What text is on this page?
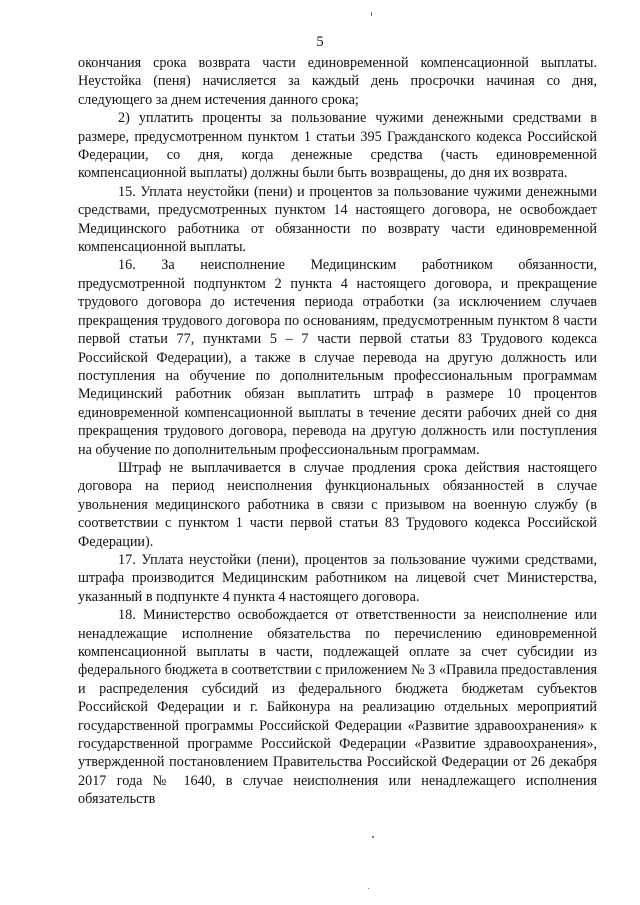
5

окончания срока возврата части единовременной компенсационной выплаты. Неустойка (пеня) начисляется за каждый день просрочки начиная со дня, следующего за днем истечения данного срока;

2) уплатить проценты за пользование чужими денежными средствами в размере, предусмотренном пунктом 1 статьи 395 Гражданского кодекса Российской Федерации, со дня, когда денежные средства (часть единовременной компенсационной выплаты) должны были быть возвращены, до дня их возврата.

15. Уплата неустойки (пени) и процентов за пользование чужими денежными средствами, предусмотренных пунктом 14 настоящего договора, не освобождает Медицинского работника от обязанности по возврату части единовременной компенсационной выплаты.

16. За неисполнение Медицинским работником обязанности, предусмотренной подпунктом 2 пункта 4 настоящего договора, и прекращение трудового договора до истечения периода отработки (за исключением случаев прекращения трудового договора по основаниям, предусмотренным пунктом 8 части первой статьи 77, пунктами 5 – 7 части первой статьи 83 Трудового кодекса Российской Федерации), а также в случае перевода на другую должность или поступления на обучение по дополнительным профессиональным программам Медицинский работник обязан выплатить штраф в размере 10 процентов единовременной компенсационной выплаты в течение десяти рабочих дней со дня прекращения трудового договора, перевода на другую должность или поступления на обучение по дополнительным профессиональным программам.

Штраф не выплачивается в случае продления срока действия настоящего договора на период неисполнения функциональных обязанностей в случае увольнения медицинского работника в связи с призывом на военную службу (в соответствии с пунктом 1 части первой статьи 83 Трудового кодекса Российской Федерации).

17. Уплата неустойки (пени), процентов за пользование чужими средствами, штрафа производится Медицинским работником на лицевой счет Министерства, указанный в подпункте 4 пункта 4 настоящего договора.

18. Министерство освобождается от ответственности за неисполнение или ненадлежащие исполнение обязательства по перечислению единовременной компенсационной выплаты в части, подлежащей оплате за счет субсидии из федерального бюджета в соответствии с приложением № 3 «Правила предоставления и распределения субсидий из федерального бюджета бюджетам субъектов Российской Федерации и г. Байконура на реализацию отдельных мероприятий государственной программы Российской Федерации «Развитие здравоохранения» к государственной программе Российской Федерации «Развитие здравоохранения», утвержденной постановлением Правительства Российской Федерации от 26 декабря 2017 года № 1640, в случае неисполнения или ненадлежащего исполнения обязательств
